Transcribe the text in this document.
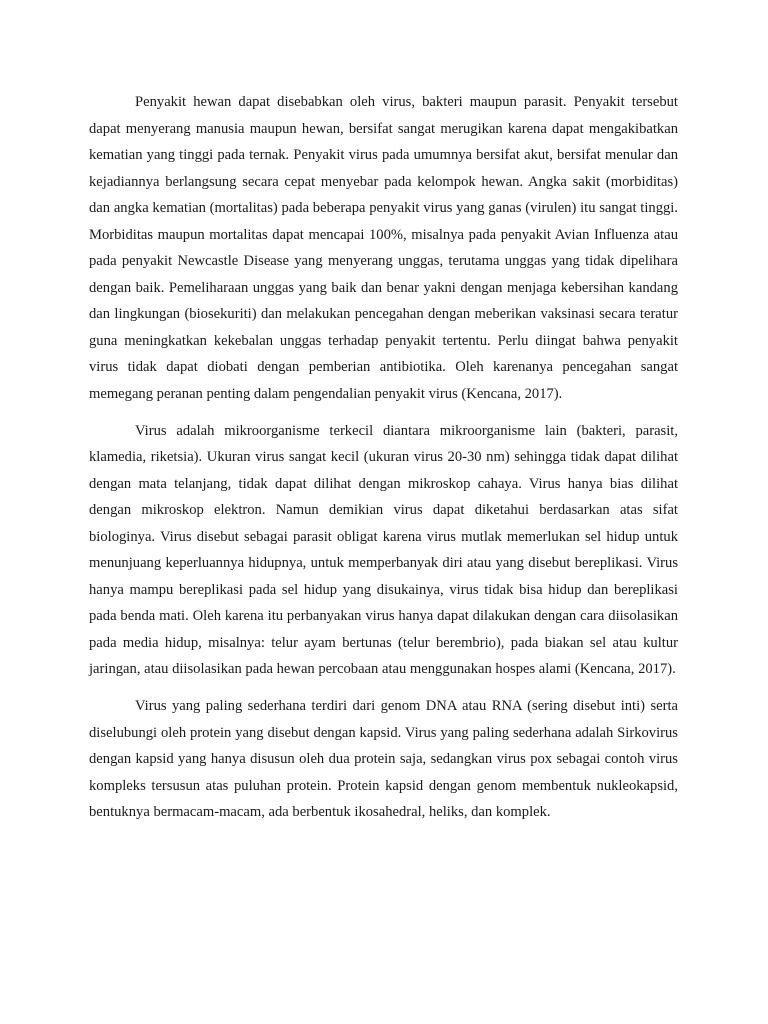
Penyakit hewan dapat disebabkan oleh virus, bakteri maupun parasit. Penyakit tersebut dapat menyerang manusia maupun hewan, bersifat sangat merugikan karena dapat mengakibatkan kematian yang tinggi pada ternak. Penyakit virus pada umumnya bersifat akut, bersifat menular dan kejadiannya berlangsung secara cepat menyebar pada kelompok hewan. Angka sakit (morbiditas) dan angka kematian (mortalitas) pada beberapa penyakit virus yang ganas (virulen) itu sangat tinggi. Morbiditas maupun mortalitas dapat mencapai 100%, misalnya pada penyakit Avian Influenza atau pada penyakit Newcastle Disease yang menyerang unggas, terutama unggas yang tidak dipelihara dengan baik. Pemeliharaan unggas yang baik dan benar yakni dengan menjaga kebersihan kandang dan lingkungan (biosekuriti) dan melakukan pencegahan dengan meberikan vaksinasi secara teratur guna meningkatkan kekebalan unggas terhadap penyakit tertentu. Perlu diingat bahwa penyakit virus tidak dapat diobati dengan pemberian antibiotika. Oleh karenanya pencegahan sangat memegang peranan penting dalam pengendalian penyakit virus (Kencana, 2017).

Virus adalah mikroorganisme terkecil diantara mikroorganisme lain (bakteri, parasit, klamedia, riketsia). Ukuran virus sangat kecil (ukuran virus 20-30 nm) sehingga tidak dapat dilihat dengan mata telanjang, tidak dapat dilihat dengan mikroskop cahaya. Virus hanya bias dilihat dengan mikroskop elektron. Namun demikian virus dapat diketahui berdasarkan atas sifat biologinya. Virus disebut sebagai parasit obligat karena virus mutlak memerlukan sel hidup untuk menunjuang keperluannya hidupnya, untuk memperbanyak diri atau yang disebut bereplikasi. Virus hanya mampu bereplikasi pada sel hidup yang disukainya, virus tidak bisa hidup dan bereplikasi pada benda mati. Oleh karena itu perbanyakan virus hanya dapat dilakukan dengan cara diisolasikan pada media hidup, misalnya: telur ayam bertunas (telur berembrio), pada biakan sel atau kultur jaringan, atau diisolasikan pada hewan percobaan atau menggunakan hospes alami (Kencana, 2017).

Virus yang paling sederhana terdiri dari genom DNA atau RNA (sering disebut inti) serta diselubungi oleh protein yang disebut dengan kapsid. Virus yang paling sederhana adalah Sirkovirus dengan kapsid yang hanya disusun oleh dua protein saja, sedangkan virus pox sebagai contoh virus kompleks tersusun atas puluhan protein. Protein kapsid dengan genom membentuk nukleokapsid, bentuknya bermacam-macam, ada berbentuk ikosahedral, heliks, dan komplek.
